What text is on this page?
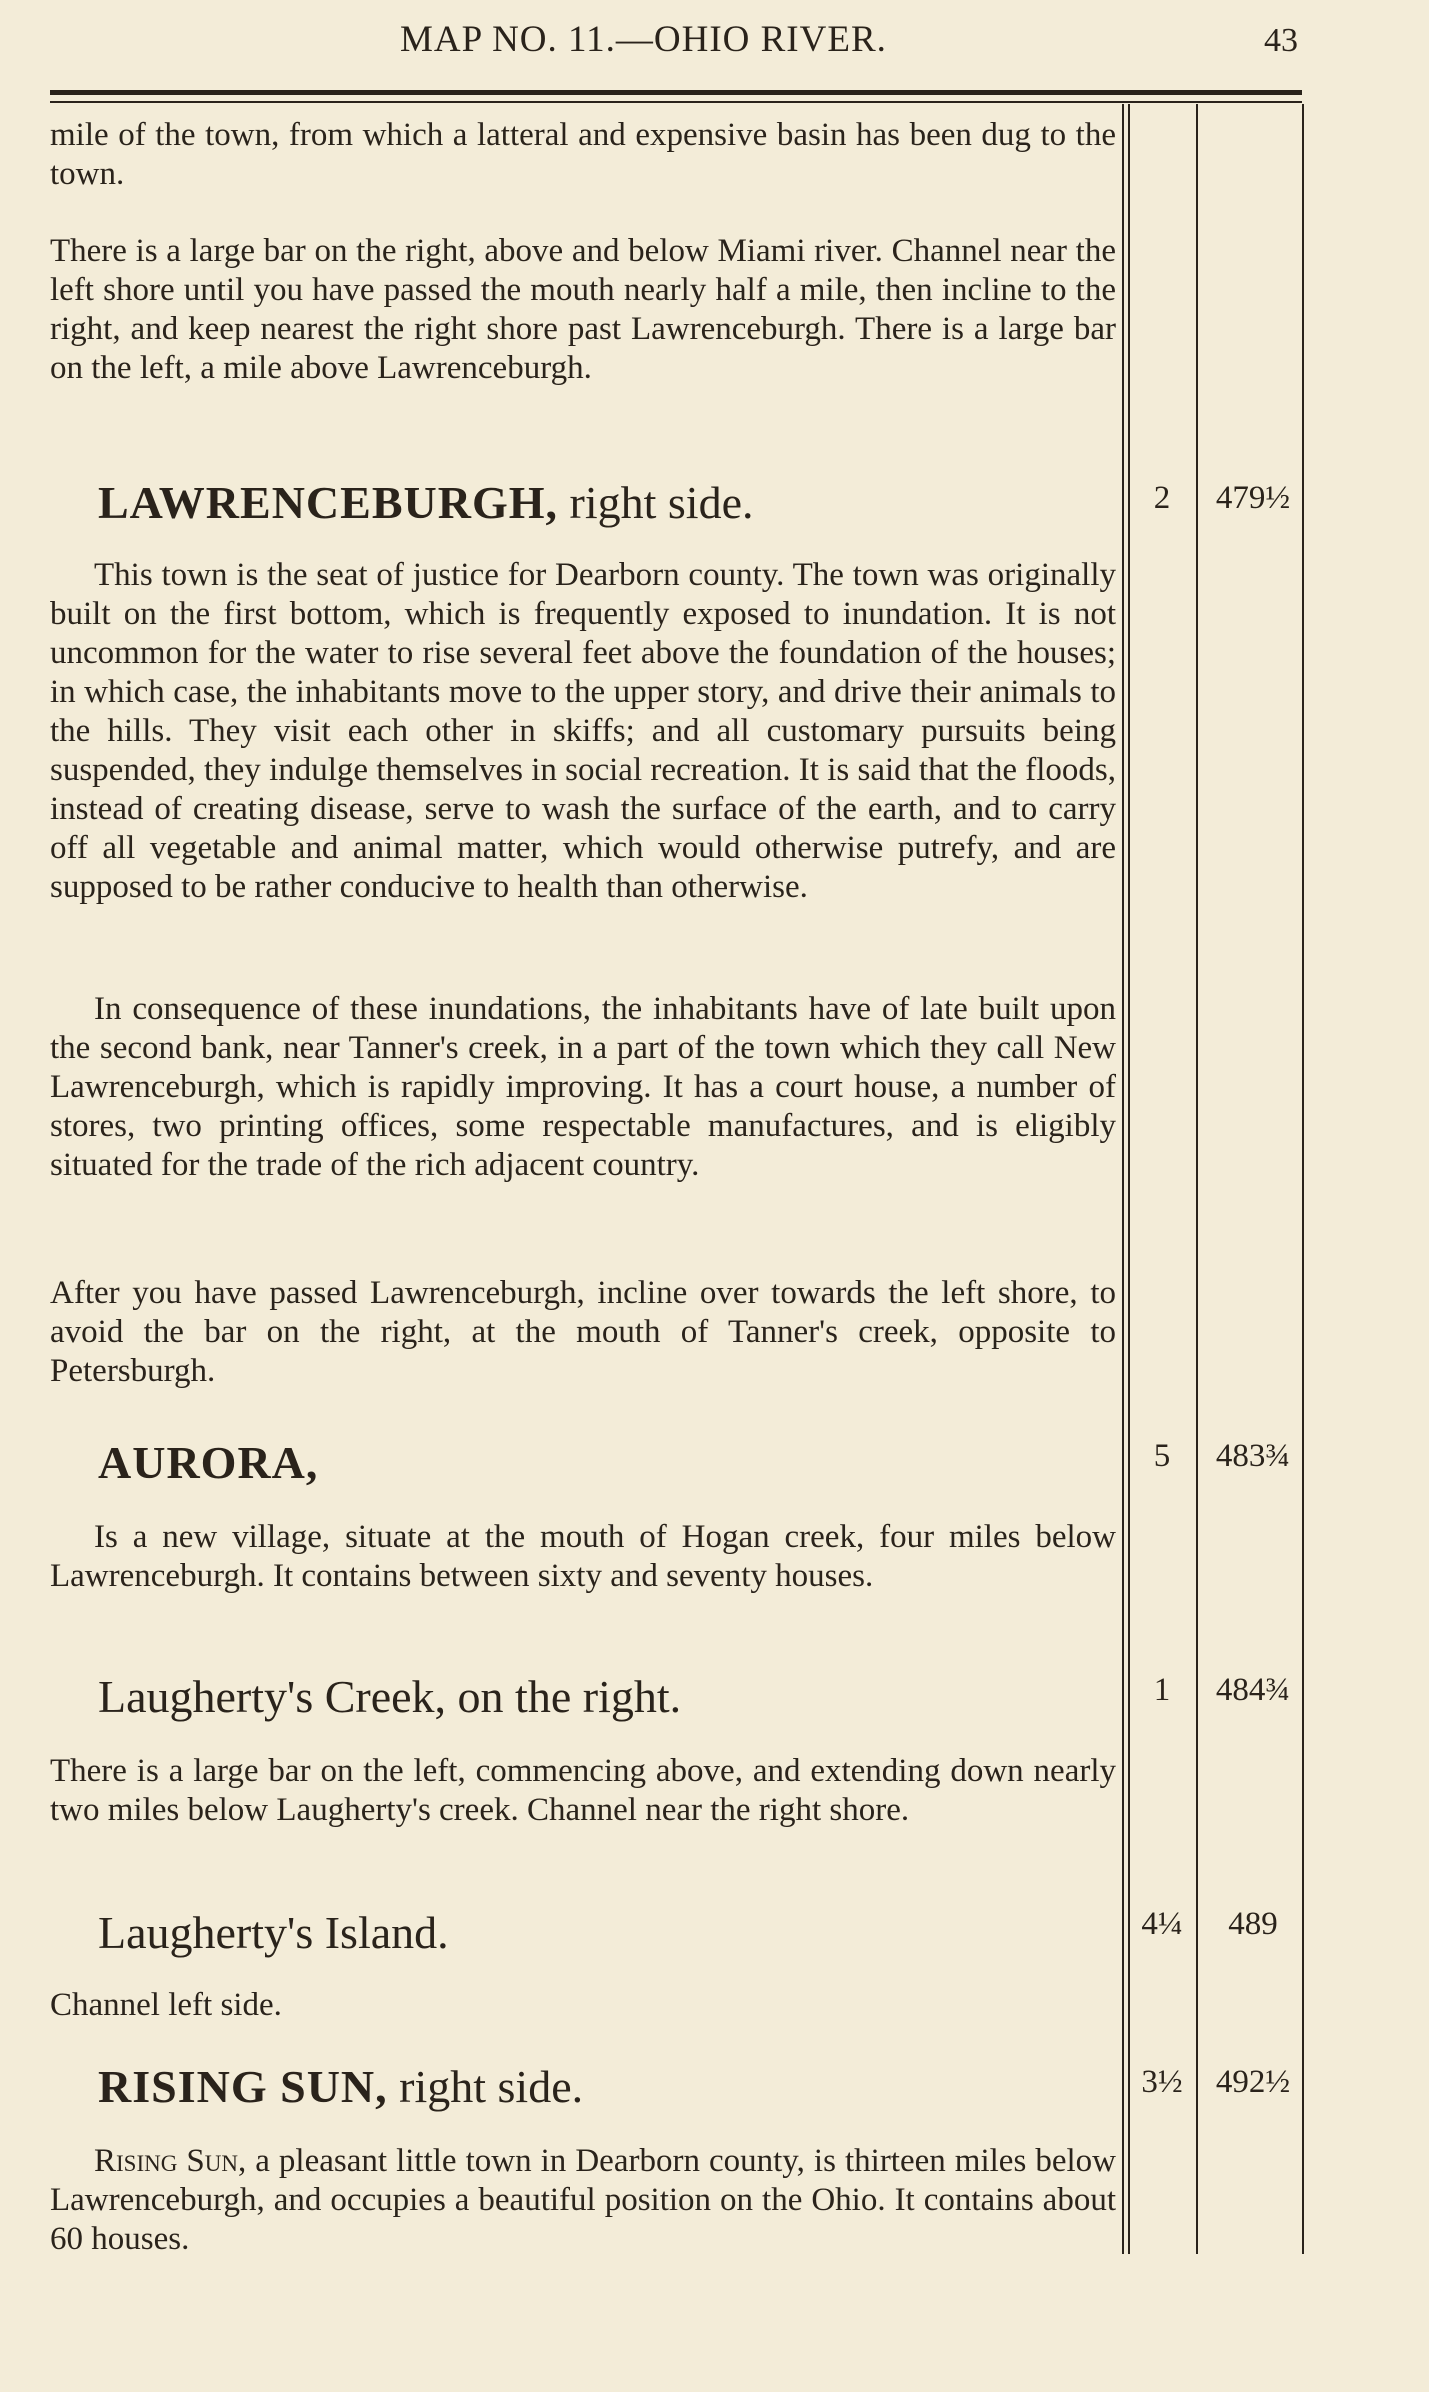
MAP NO. 11.—OHIO RIVER.	43

mile of the town, from which a latteral and expensive basin has been dug to the town.

There is a large bar on the right, above and below Miami river. Channel near the left shore until you have passed the mouth nearly half a mile, then incline to the right, and keep nearest the right shore past Lawrenceburgh. There is a large bar on the left, a mile above Lawrenceburgh.

LAWRENCEBURGH, right side.	2	479½

This town is the seat of justice for Dearborn county. The town was originally built on the first bottom, which is frequently exposed to inundation. It is not uncommon for the water to rise several feet above the foundation of the houses; in which case, the inhabitants move to the upper story, and drive their animals to the hills. They visit each other in skiffs; and all customary pursuits being suspended, they indulge themselves in social recreation. It is said that the floods, instead of creating disease, serve to wash the surface of the earth, and to carry off all vegetable and animal matter, which would otherwise putrefy, and are supposed to be rather conducive to health than otherwise.

In consequence of these inundations, the inhabitants have of late built upon the second bank, near Tanner's creek, in a part of the town which they call New Lawrenceburgh, which is rapidly improving. It has a court house, a number of stores, two printing offices, some respectable manufactures, and is eligibly situated for the trade of the rich adjacent country.

After you have passed Lawrenceburgh, incline over towards the left shore, to avoid the bar on the right, at the mouth of Tanner's creek, opposite to Petersburgh.

AURORA,	5	483¾

Is a new village, situate at the mouth of Hogan creek, four miles below Lawrenceburgh. It contains between sixty and seventy houses.

Laugherty's Creek, on the right.	1	484¾

There is a large bar on the left, commencing above, and extending down nearly two miles below Laugherty's creek. Channel near the right shore.

Laugherty's Island.	4¼	489

Channel left side.

RISING SUN, right side.	3½	492½

Rising Sun, a pleasant little town in Dearborn county, is thirteen miles below Lawrenceburgh, and occupies a beautiful position on the Ohio. It contains about 60 houses.
